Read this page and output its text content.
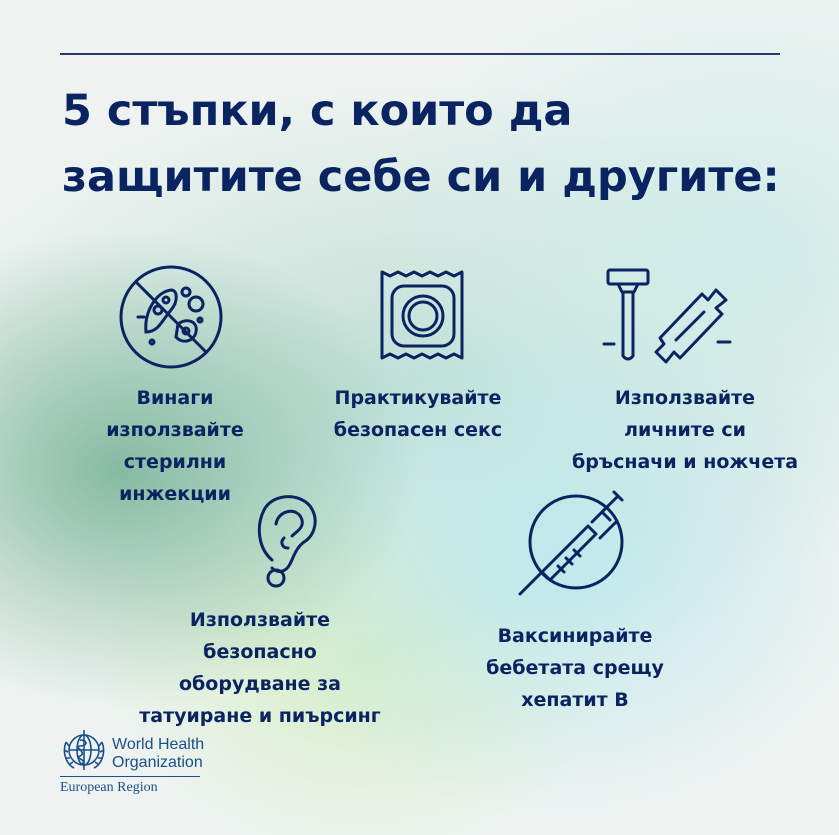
5 стъпки, с които да
защитите себе си и другите:
Винаги
използвайте
стерилни
инжекции
Практикувайте
безопасен секс
Използвайте
личните си
бръсначи и ножчета
Използвайте
безопасно
оборудване за
татуиране и пиърсинг
Ваксинирайте
бебетата срещу
хепатит B
World Health
Organization
European Region
